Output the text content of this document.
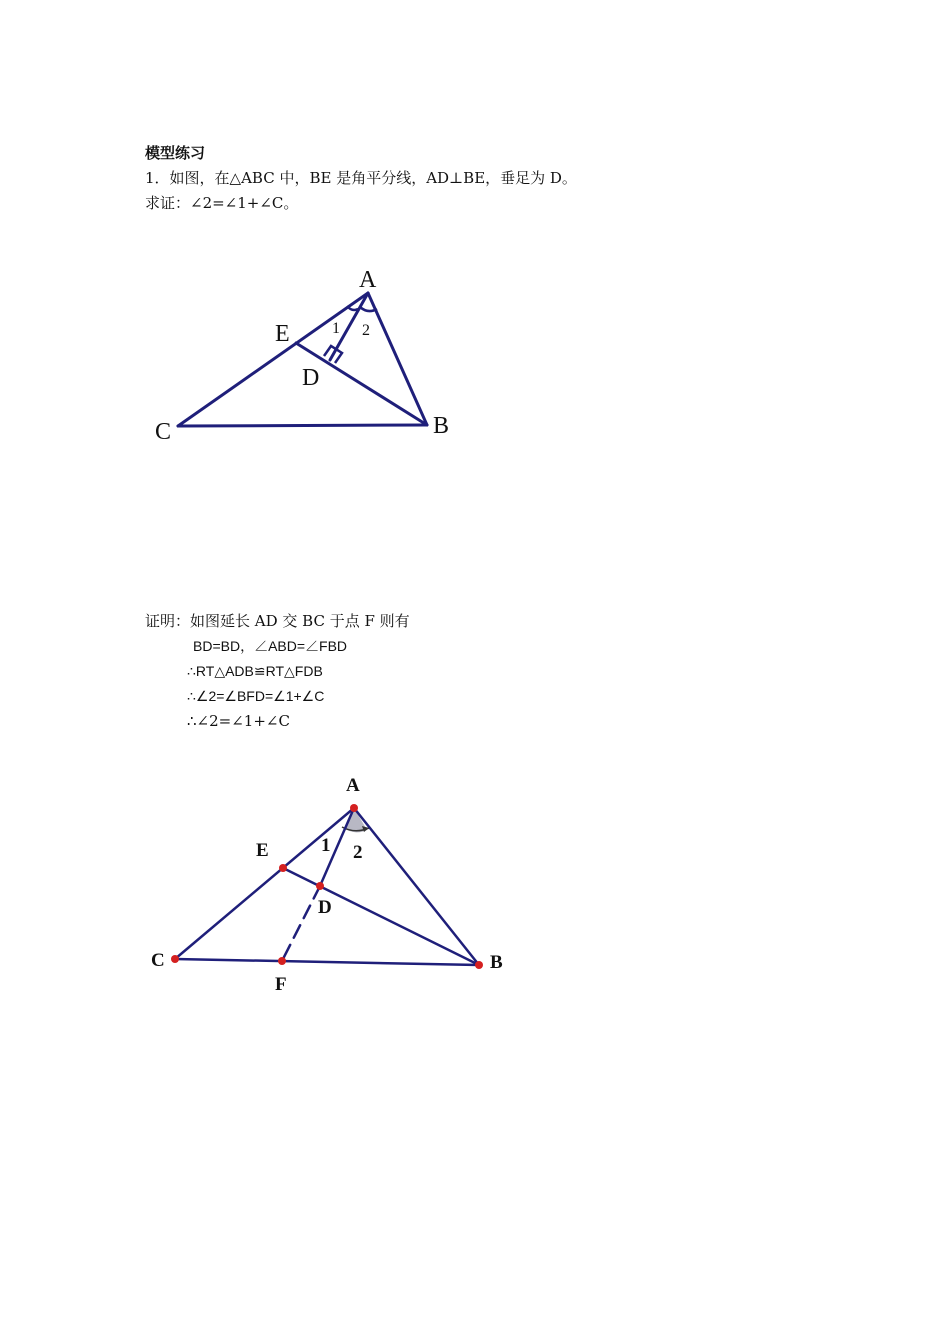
模型练习
1．如图，在△ABC 中，BE 是角平分线，AD⊥BE，垂足为 D。
求证：∠2=∠1+∠C。
A
B
C
D
E	1 2
证明：如图延长 AD 交 BC 于点 F 则有
BD=BD，∠ABD=∠FBD
∴RT△ADB≌RT△FDB
∴∠2=∠BFD=∠1+∠C
∴∠2=∠1+∠C
A
B
C
D
E
F
1 2
